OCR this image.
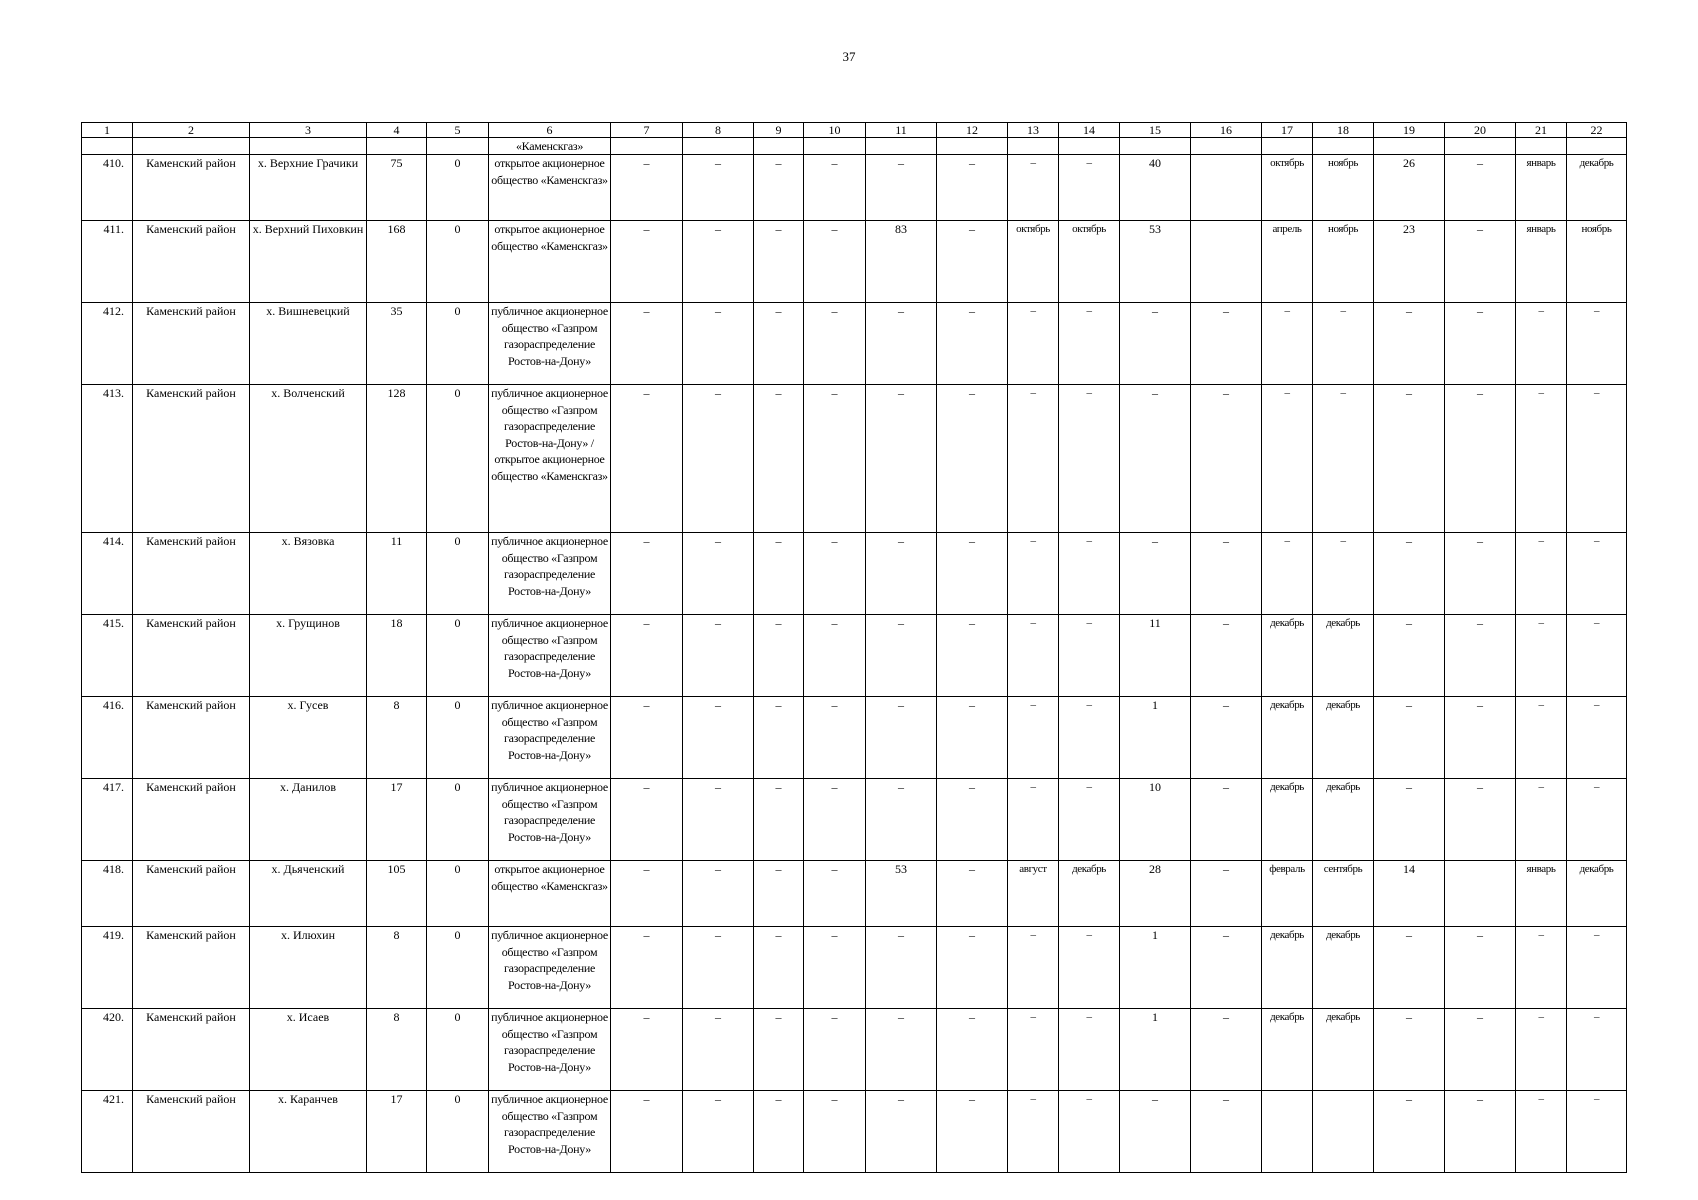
37
1	2	3	4	5	6	7	8	9	10	11	12	13	14	15	16	17	18	19	20	21	22
					«Каменскгаз»																
410.	Каменский район	х. Верхние Грачики	75	0	открытое акционерное общество «Каменскгаз»	–	–	–	–	–	–	–	–	40		октябрь	ноябрь	26	–	январь	декабрь
411.	Каменский район	х. Верхний Пиховкин	168	0	открытое акционерное общество «Каменскгаз»	–	–	–	–	83	–	октябрь	октябрь	53		апрель	ноябрь	23	–	январь	ноябрь
412.	Каменский район	х. Вишневецкий	35	0	публичное акционерное общество «Газпром газораспределение Ростов-на-Дону»	–	–	–	–	–	–	–	–	–	–	–	–	–	–	–	–
413.	Каменский район	х. Волченский	128	0	публичное акционерное общество «Газпром газораспределение Ростов-на-Дону» / открытое акционерное общество «Каменскгаз»	–	–	–	–	–	–	–	–	–	–	–	–	–	–	–	–
414.	Каменский район	х. Вязовка	11	0	публичное акционерное общество «Газпром газораспределение Ростов-на-Дону»	–	–	–	–	–	–	–	–	–	–	–	–	–	–	–	–
415.	Каменский район	х. Грущинов	18	0	публичное акционерное общество «Газпром газораспределение Ростов-на-Дону»	–	–	–	–	–	–	–	–	11	–	декабрь	декабрь	–	–	–	–
416.	Каменский район	х. Гусев	8	0	публичное акционерное общество «Газпром газораспределение Ростов-на-Дону»	–	–	–	–	–	–	–	–	1	–	декабрь	декабрь	–	–	–	–
417.	Каменский район	х. Данилов	17	0	публичное акционерное общество «Газпром газораспределение Ростов-на-Дону»	–	–	–	–	–	–	–	–	10	–	декабрь	декабрь	–	–	–	–
418.	Каменский район	х. Дьяченский	105	0	открытое акционерное общество «Каменскгаз»	–	–	–	–	53	–	август	декабрь	28	–	февраль	сентябрь	14		январь	декабрь
419.	Каменский район	х. Илюхин	8	0	публичное акционерное общество «Газпром газораспределение Ростов-на-Дону»	–	–	–	–	–	–	–	–	1	–	декабрь	декабрь	–	–	–	–
420.	Каменский район	х. Исаев	8	0	публичное акционерное общество «Газпром газораспределение Ростов-на-Дону»	–	–	–	–	–	–	–	–	1	–	декабрь	декабрь	–	–	–	–
421.	Каменский район	х. Каранчев	17	0	публичное акционерное общество «Газпром газораспределение Ростов-на-Дону»	–	–	–	–	–	–	–	–	–	–			–	–	–	–
